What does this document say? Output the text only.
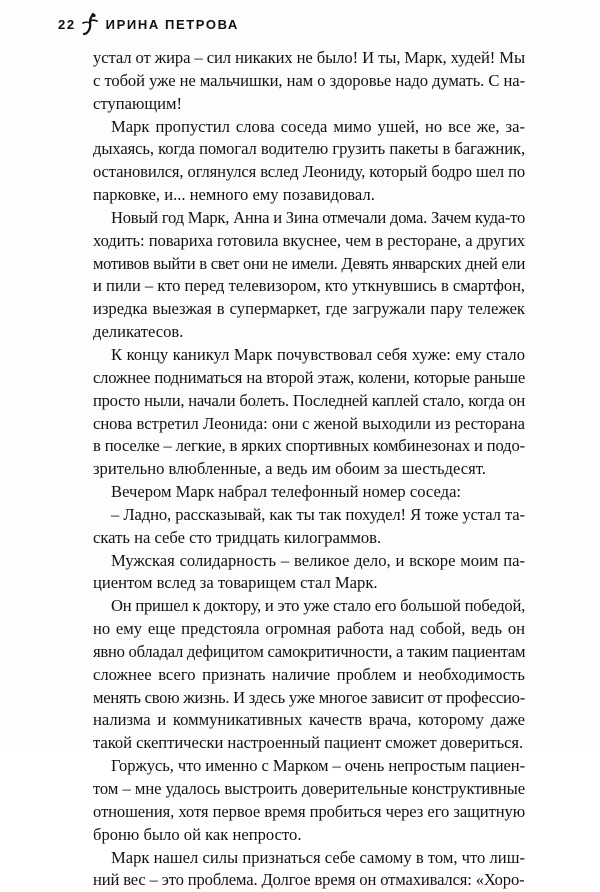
22 ИРИНА ПЕТРОВА
устал от жира – сил никаких не было! И ты, Марк, худей! Мы
с тобой уже не мальчишки, нам о здоровье надо думать. С на-
ступающим!
Марк пропустил слова соседа мимо ушей, но все же, за-
дыхаясь, когда помогал водителю грузить пакеты в багажник,
остановился, оглянулся вслед Леониду, который бодро шел по
парковке, и... немного ему позавидовал.
Новый год Марк, Анна и Зина отмечали дома. Зачем куда-то
ходить: повариха готовила вкуснее, чем в ресторане, а других
мотивов выйти в свет они не имели. Девять январских дней ели
и пили – кто перед телевизором, кто уткнувшись в смартфон,
изредка выезжая в супермаркет, где загружали пару тележек
деликатесов.
К концу каникул Марк почувствовал себя хуже: ему стало
сложнее подниматься на второй этаж, колени, которые раньше
просто ныли, начали болеть. Последней каплей стало, когда он
снова встретил Леонида: они с женой выходили из ресторана
в поселке – легкие, в ярких спортивных комбинезонах и подо-
зрительно влюбленные, а ведь им обоим за шестьдесят.
Вечером Марк набрал телефонный номер соседа:
– Ладно, рассказывай, как ты так похудел! Я тоже устал та-
скать на себе сто тридцать килограммов.
Мужская солидарность – великое дело, и вскоре моим па-
циентом вслед за товарищем стал Марк.
Он пришел к доктору, и это уже стало его большой победой,
но ему еще предстояла огромная работа над собой, ведь он
явно обладал дефицитом самокритичности, а таким пациентам
сложнее всего признать наличие проблем и необходимость
менять свою жизнь. И здесь уже многое зависит от профессио-
нализма и коммуникативных качеств врача, которому даже
такой скептически настроенный пациент сможет довериться.
Горжусь, что именно с Марком – очень непростым пациен-
том – мне удалось выстроить доверительные конструктивные
отношения, хотя первое время пробиться через его защитную
броню было ой как непросто.
Марк нашел силы признаться себе самому в том, что лиш-
ний вес – это проблема. Долгое время он отмахивался: «Хоро-
